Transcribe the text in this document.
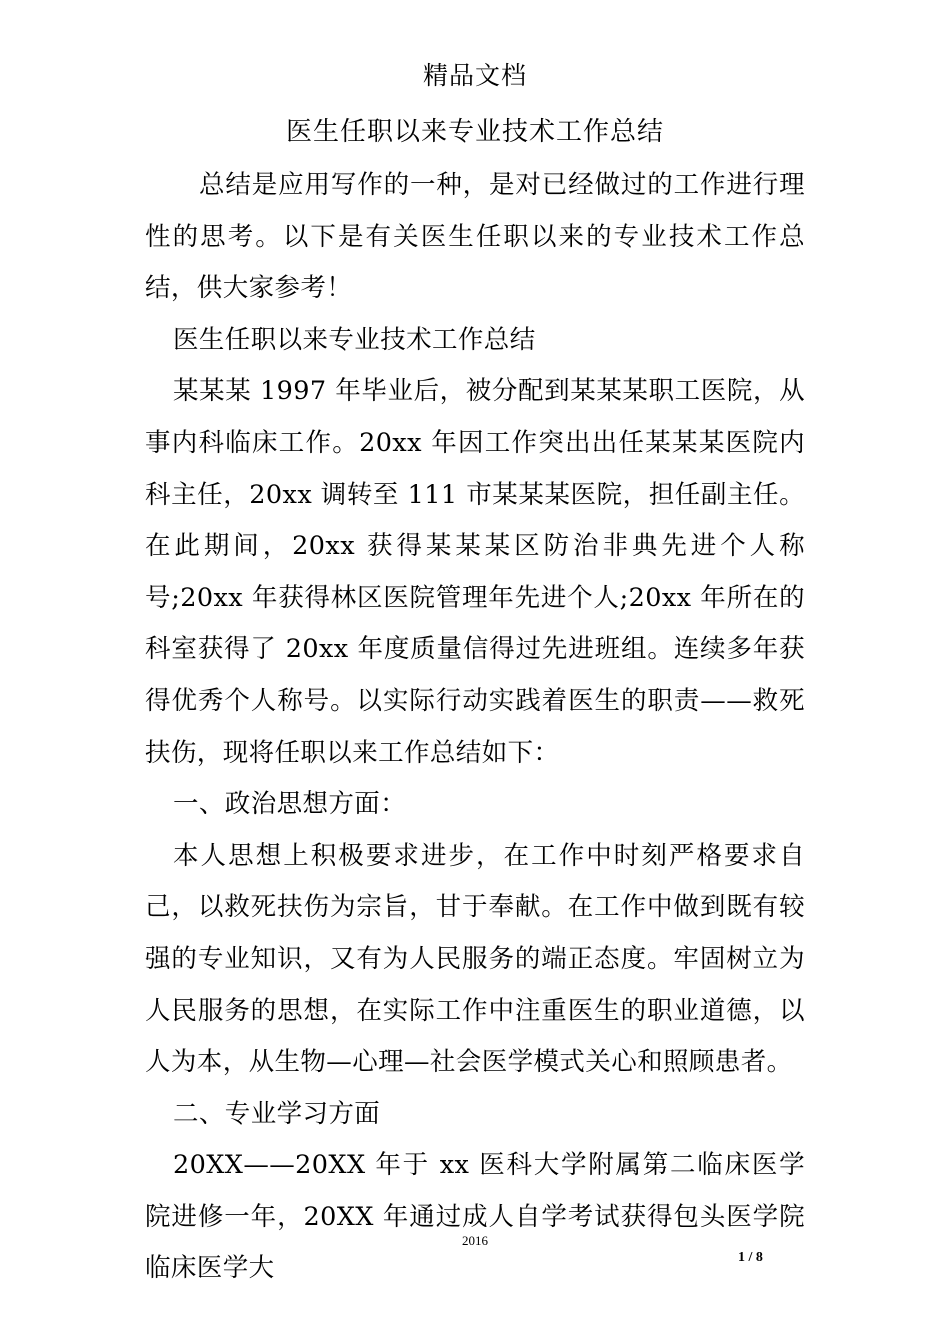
精品文档
医生任职以来专业技术工作总结

总结是应用写作的一种，是对已经做过的工作进行理性的思考。以下是有关医生任职以来的专业技术工作总结，供大家参考！

医生任职以来专业技术工作总结

某某某 1997 年毕业后，被分配到某某某职工医院，从事内科临床工作。20xx 年因工作突出出任某某某医院内科主任，20xx 调转至 111 市某某某医院，担任副主任。在此期间，20xx 获得某某某区防治非典先进个人称号;20xx 年获得林区医院管理年先进个人;20xx 年所在的科室获得了 20xx 年度质量信得过先进班组。连续多年获得优秀个人称号。以实际行动实践着医生的职责——救死扶伤，现将任职以来工作总结如下：

一、政治思想方面：

本人思想上积极要求进步，在工作中时刻严格要求自己，以救死扶伤为宗旨，甘于奉献。在工作中做到既有较强的专业知识，又有为人民服务的端正态度。牢固树立为人民服务的思想，在实际工作中注重医生的职业道德，以人为本，从生物—心理—社会医学模式关心和照顾患者。

二、专业学习方面

20XX——20XX 年于 xx 医科大学附属第二临床医学院进修一年，20XX 年通过成人自学考试获得包头医学院临床医学大

2016
1 / 8
